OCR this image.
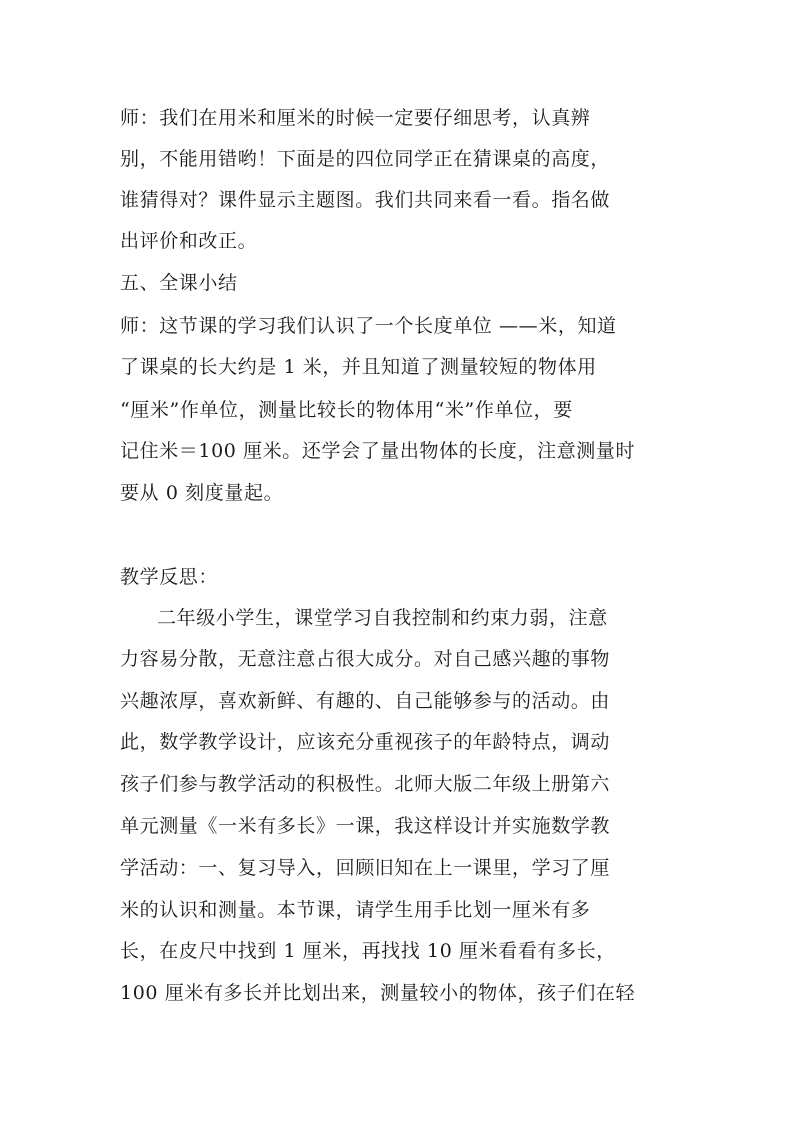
师：我们在用米和厘米的时候一定要仔细思考，认真辨
别，不能用错哟！下面是的四位同学正在猜课桌的高度，
谁猜得对？课件显示主题图。我们共同来看一看。指名做
出评价和改正。
五、全课小结
师：这节课的学习我们认识了一个长度单位 ——米，知道
了课桌的长大约是 1 米，并且知道了测量较短的物体用
“厘米”作单位，测量比较长的物体用“米”作单位，要
记住米＝100 厘米。还学会了量出物体的长度，注意测量时
要从 0 刻度量起。
教学反思：
二年级小学生，课堂学习自我控制和约束力弱，注意
力容易分散，无意注意占很大成分。对自己感兴趣的事物
兴趣浓厚，喜欢新鲜、有趣的、自己能够参与的活动。由
此，数学教学设计，应该充分重视孩子的年龄特点，调动
孩子们参与教学活动的积极性。北师大版二年级上册第六
单元测量《一米有多长》一课，我这样设计并实施数学教
学活动：一、复习导入，回顾旧知在上一课里，学习了厘
米的认识和测量。本节课，请学生用手比划一厘米有多
长，在皮尺中找到 1 厘米，再找找 10 厘米看看有多长，
100 厘米有多长并比划出来，测量较小的物体，孩子们在轻
